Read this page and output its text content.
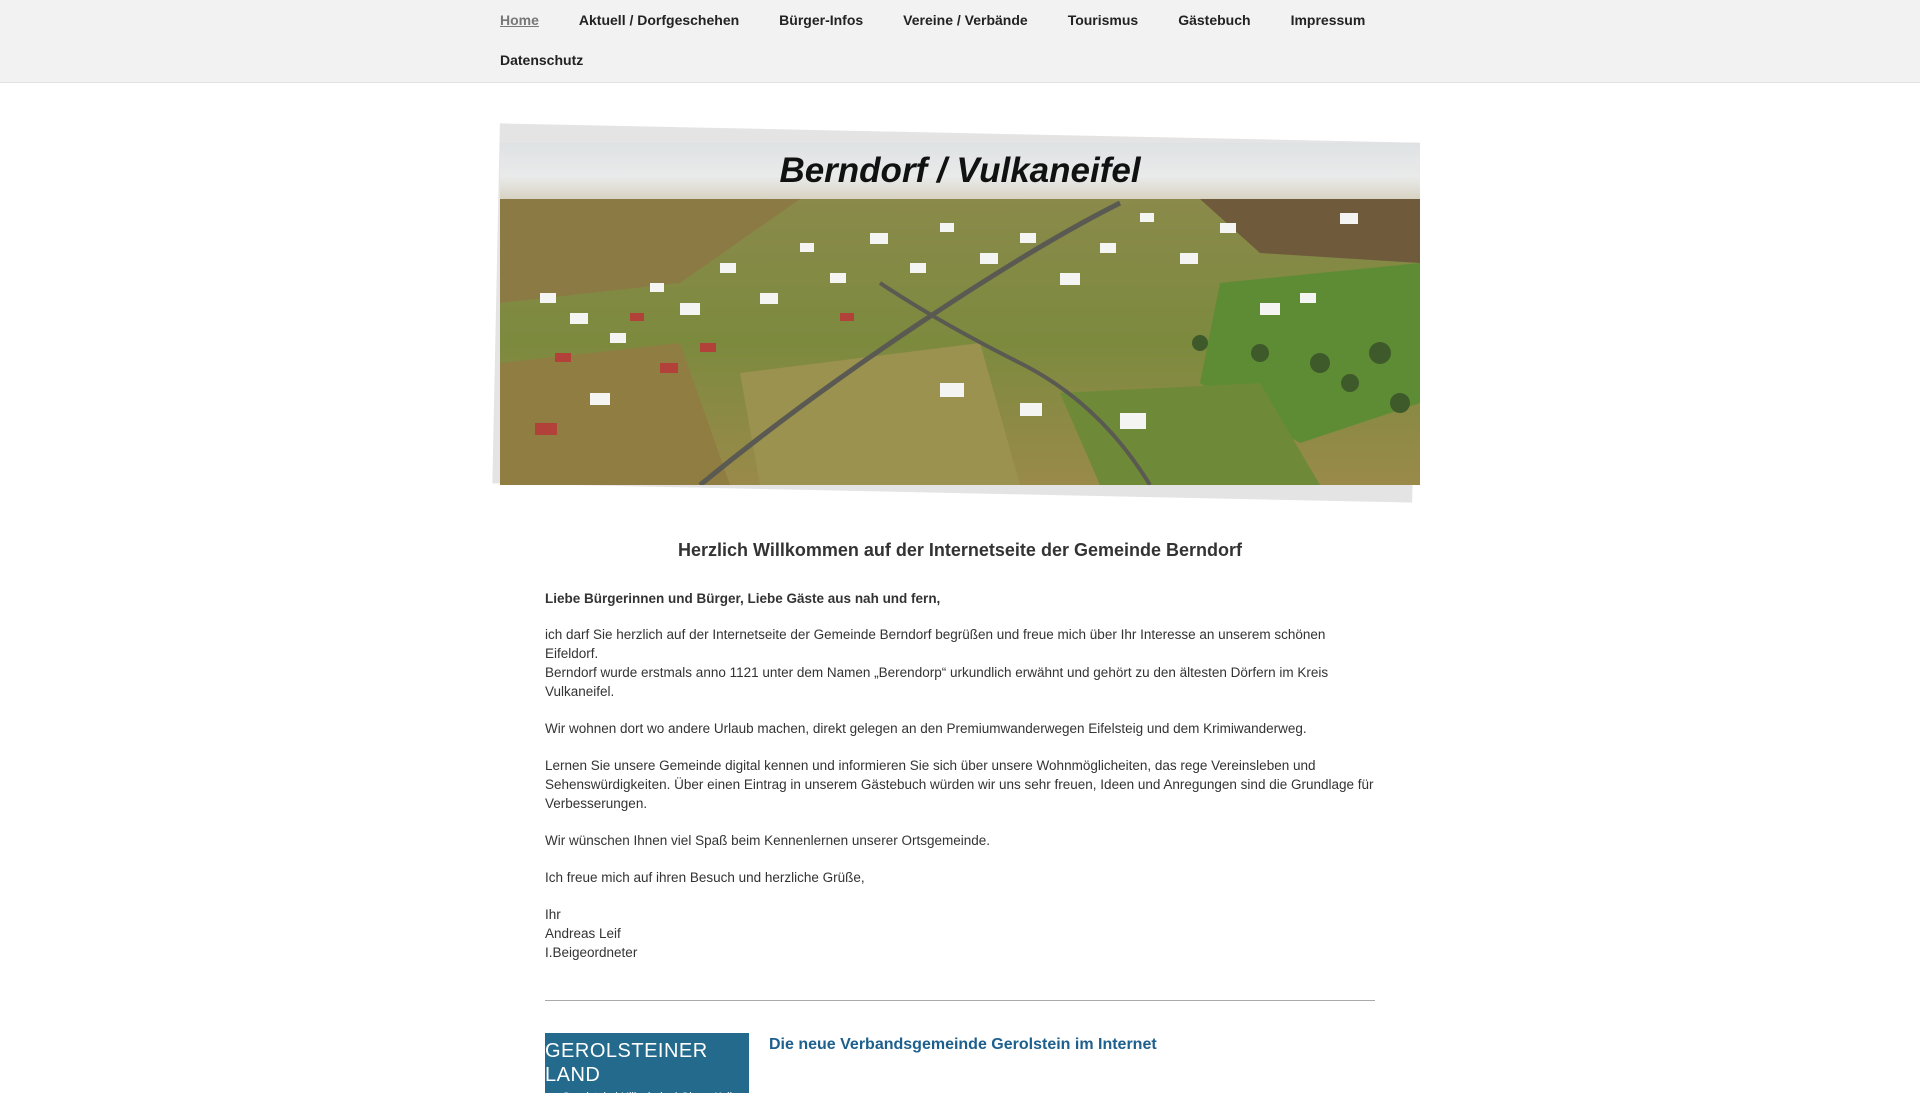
Home	Aktuell / Dorfgeschehen	Bürger-Infos	Vereine / Verbände	Tourismus	Gästebuch	Impressum
Datenschutz
Berndorf / Vulkaneifel
Herzlich Willkommen auf der Internetseite der Gemeinde Berndorf
Liebe Bürgerinnen und Bürger, Liebe Gäste aus nah und fern,

ich darf Sie herzlich auf der Internetseite der Gemeinde Berndorf begrüßen und freue mich über Ihr Interesse an unserem schönen Eifeldorf.

Berndorf wurde erstmals anno 1121 unter dem Namen „Berendorp“ urkundlich erwähnt und gehört zu den ältesten Dörfern im Kreis Vulkaneifel.

Wir wohnen dort wo andere Urlaub machen, direkt gelegen an den Premiumwanderwegen Eifelsteig und dem Krimiwanderweg.

Lernen Sie unsere Gemeinde digital kennen und informieren Sie sich über unsere Wohnmöglicheiten, das rege Vereinsleben und Sehenswürdigkeiten. Über einen Eintrag in unserem Gästebuch würden wir uns sehr freuen, Ideen und Anregungen sind die Grundlage für Verbesserungen.

Wir wünschen Ihnen viel Spaß beim Kennenlernen unserer Ortsgemeinde.

Ich freue mich auf ihren Besuch und herzliche Grüße,

Ihr
Andreas Leif
I.Beigeordneter
GEROLSTEINER LAND
Gerolstein | Hillesheim | Obere Kyll
Die neue Verbandsgemeinde Gerolstein im Internet
